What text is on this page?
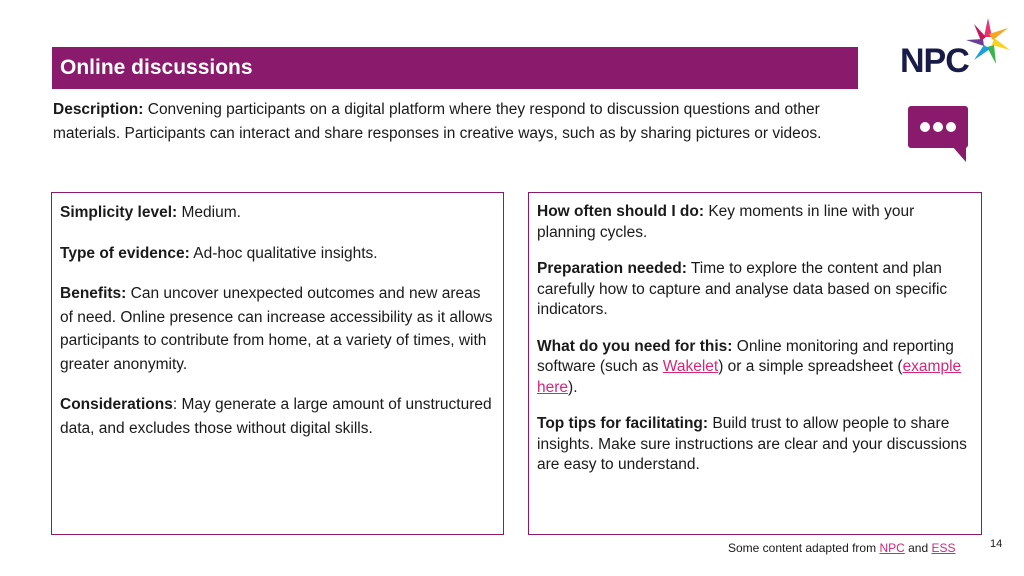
Online discussions	NPC
Description: Convening participants on a digital platform where they respond to discussion questions and other materials. Participants can interact and share responses in creative ways, such as by sharing pictures or videos.

Simplicity level: Medium.

Type of evidence: Ad-hoc qualitative insights.

Benefits: Can uncover unexpected outcomes and new areas of need. Online presence can increase accessibility as it allows participants to contribute from home, at a variety of times, with greater anonymity.

Considerations: May generate a large amount of unstructured data, and excludes those without digital skills.

How often should I do: Key moments in line with your planning cycles.

Preparation needed: Time to explore the content and plan carefully how to capture and analyse data based on specific indicators.

What do you need for this: Online monitoring and reporting software (such as Wakelet) or a simple spreadsheet (example here).

Top tips for facilitating: Build trust to allow people to share insights. Make sure instructions are clear and your discussions are easy to understand.

Some content adapted from NPC and ESS	14
